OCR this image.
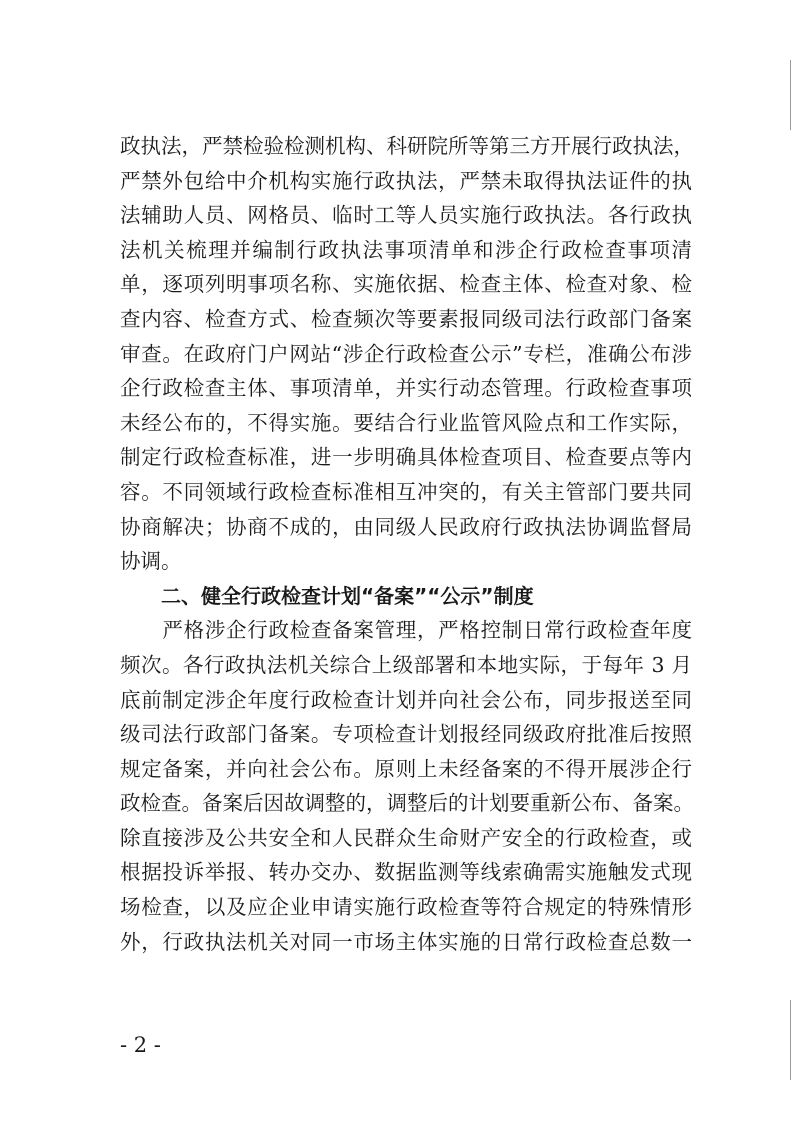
政执法，严禁检验检测机构、科研院所等第三方开展行政执法，
严禁外包给中介机构实施行政执法，严禁未取得执法证件的执
法辅助人员、网格员、临时工等人员实施行政执法。各行政执
法机关梳理并编制行政执法事项清单和涉企行政检查事项清
单，逐项列明事项名称、实施依据、检查主体、检查对象、检
查内容、检查方式、检查频次等要素报同级司法行政部门备案
审查。在政府门户网站“涉企行政检查公示”专栏，准确公布涉
企行政检查主体、事项清单，并实行动态管理。行政检查事项
未经公布的，不得实施。要结合行业监管风险点和工作实际，
制定行政检查标准，进一步明确具体检查项目、检查要点等内
容。不同领域行政检查标准相互冲突的，有关主管部门要共同
协商解决；协商不成的，由同级人民政府行政执法协调监督局
协调。
二、健全行政检查计划“备案”“公示”制度
　　严格涉企行政检查备案管理，严格控制日常行政检查年度
频次。各行政执法机关综合上级部署和本地实际，于每年 3 月
底前制定涉企年度行政检查计划并向社会公布，同步报送至同
级司法行政部门备案。专项检查计划报经同级政府批准后按照
规定备案，并向社会公布。原则上未经备案的不得开展涉企行
政检查。备案后因故调整的，调整后的计划要重新公布、备案。
除直接涉及公共安全和人民群众生命财产安全的行政检查，或
根据投诉举报、转办交办、数据监测等线索确需实施触发式现
场检查，以及应企业申请实施行政检查等符合规定的特殊情形
外，行政执法机关对同一市场主体实施的日常行政检查总数一
- 2 -
